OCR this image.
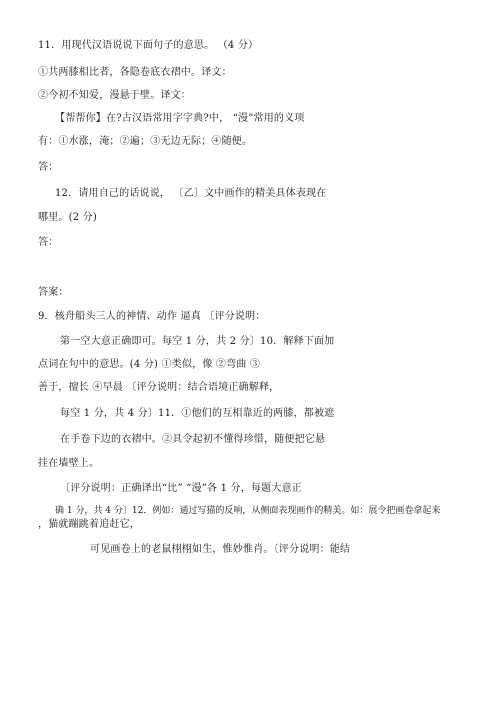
11．用现代汉语说说下面句子的意思。 （4 分）
①共两膝相比者，各隐卷底衣褶中。译文：
②今初不知爱，漫悬于壁。译文：
【帮帮你】在?古汉语常用字字典?中， “漫”常用的义项
有：①水涨，淹；②遍；③无边无际；④随便。
答：
12．请用自己的话说说， 〔乙〕文中画作的精美具体表现在
哪里。(2 分)
答：
答案：
9．核舟船头三人的神情、动作 逼真 〔评分说明：
第一空大意正确即可。每空 1 分，共 2 分〕10．解释下面加
点词在句中的意思。(4 分) ①类似，像 ②弯曲 ③
善于，擅长 ④早晨 〔评分说明：结合语境正确解释，
每空 1 分，共 4 分〕11．①他们的互相靠近的两膝，都被遮
在手卷下边的衣褶中。②具令起初不懂得珍惜，随便把它悬
挂在墙壁上。
〔评分说明：正确译出“比” “漫”各 1 分，每题大意正
确 1 分，共 4 分〕12．例如：通过写猫的反响，从侧面表现画作的精美。如：展令把画卷拿起来
，猫就蹦跳着追赶它，
可见画卷上的老鼠栩栩如生，惟妙惟肖。〔评分说明：能结
